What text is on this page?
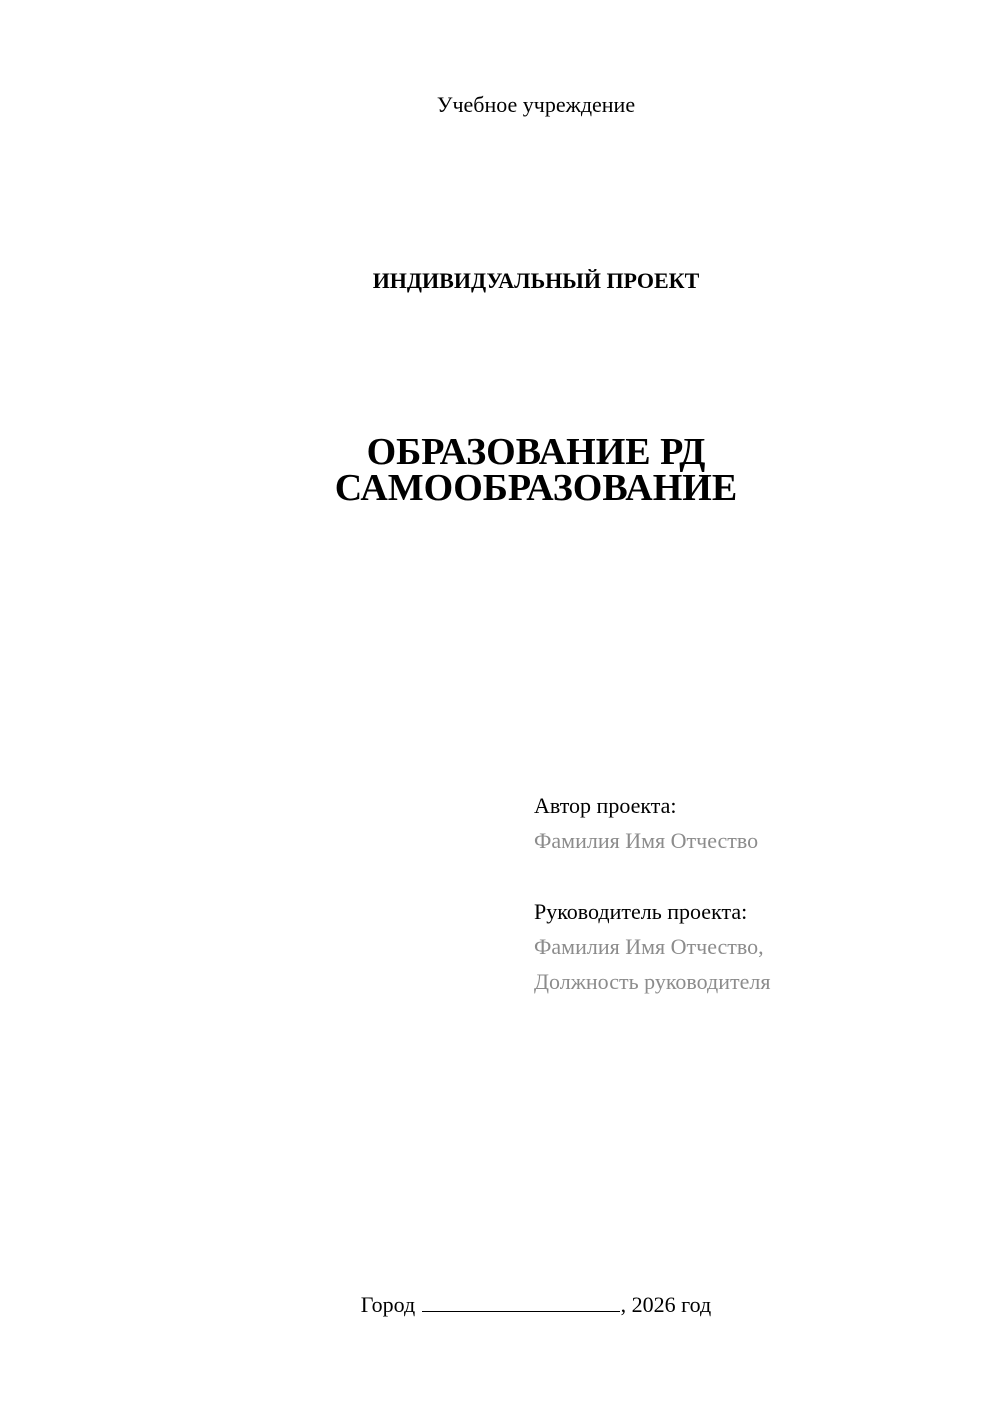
Учебное учреждение
ИНДИВИДУАЛЬНЫЙ ПРОЕКТ
ОБРАЗОВАНИЕ РД
САМООБРАЗОВАНИЕ
Автор проекта:
Фамилия Имя Отчество
Руководитель проекта:
Фамилия Имя Отчество,
Должность руководителя
Город	, 2026 год
